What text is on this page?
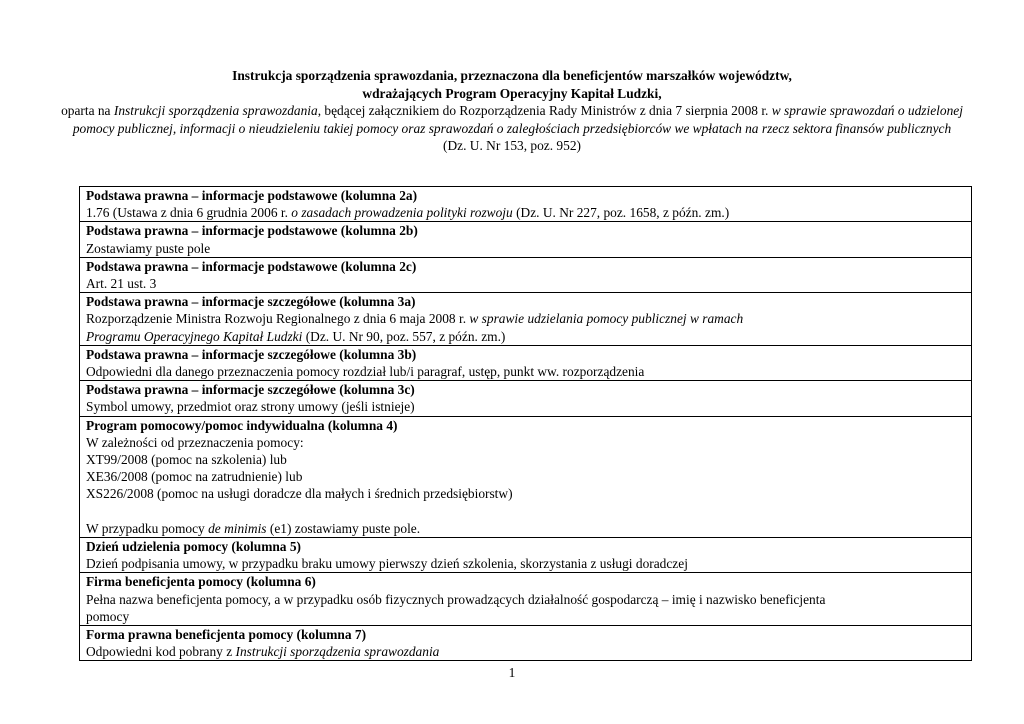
Instrukcja sporządzenia sprawozdania, przeznaczona dla beneficjentów marszałków województw,
wdrażających Program Operacyjny Kapitał Ludzki,
oparta na Instrukcji sporządzenia sprawozdania, będącej załącznikiem do Rozporządzenia Rady Ministrów z dnia 7 sierpnia 2008 r. w sprawie sprawozdań o udzielonej pomocy publicznej, informacji o nieudzieleniu takiej pomocy oraz sprawozdań o zaległościach przedsiębiorców we wpłatach na rzecz sektora finansów publicznych (Dz. U. Nr 153, poz. 952)
Podstawa prawna – informacje podstawowe (kolumna 2a)
1.76 (Ustawa z dnia 6 grudnia 2006 r. o zasadach prowadzenia polityki rozwoju (Dz. U. Nr 227, poz. 1658, z późn. zm.)
Podstawa prawna – informacje podstawowe (kolumna 2b)
Zostawiamy puste pole
Podstawa prawna – informacje podstawowe (kolumna 2c)
Art. 21 ust. 3
Podstawa prawna – informacje szczegółowe (kolumna 3a)
Rozporządzenie Ministra Rozwoju Regionalnego z dnia 6 maja 2008 r. w sprawie udzielania pomocy publicznej w ramach
Programu Operacyjnego Kapitał Ludzki (Dz. U. Nr 90, poz. 557, z późn. zm.)
Podstawa prawna – informacje szczegółowe (kolumna 3b)
Odpowiedni dla danego przeznaczenia pomocy rozdział lub/i paragraf, ustęp, punkt ww. rozporządzenia
Podstawa prawna – informacje szczegółowe (kolumna 3c)
Symbol umowy, przedmiot oraz strony umowy (jeśli istnieje)
Program pomocowy/pomoc indywidualna (kolumna 4)
W zależności od przeznaczenia pomocy:
XT99/2008 (pomoc na szkolenia) lub
XE36/2008 (pomoc na zatrudnienie) lub
XS226/2008 (pomoc na usługi doradcze dla małych i średnich przedsiębiorstw)
W przypadku pomocy de minimis (e1) zostawiamy puste pole.
Dzień udzielenia pomocy (kolumna 5)
Dzień podpisania umowy, w przypadku braku umowy pierwszy dzień szkolenia, skorzystania z usługi doradczej
Firma beneficjenta pomocy (kolumna 6)
Pełna nazwa beneficjenta pomocy, a w przypadku osób fizycznych prowadzących działalność gospodarczą – imię i nazwisko beneficjenta
pomocy
Forma prawna beneficjenta pomocy (kolumna 7)
Odpowiedni kod pobrany z Instrukcji sporządzenia sprawozdania
1
